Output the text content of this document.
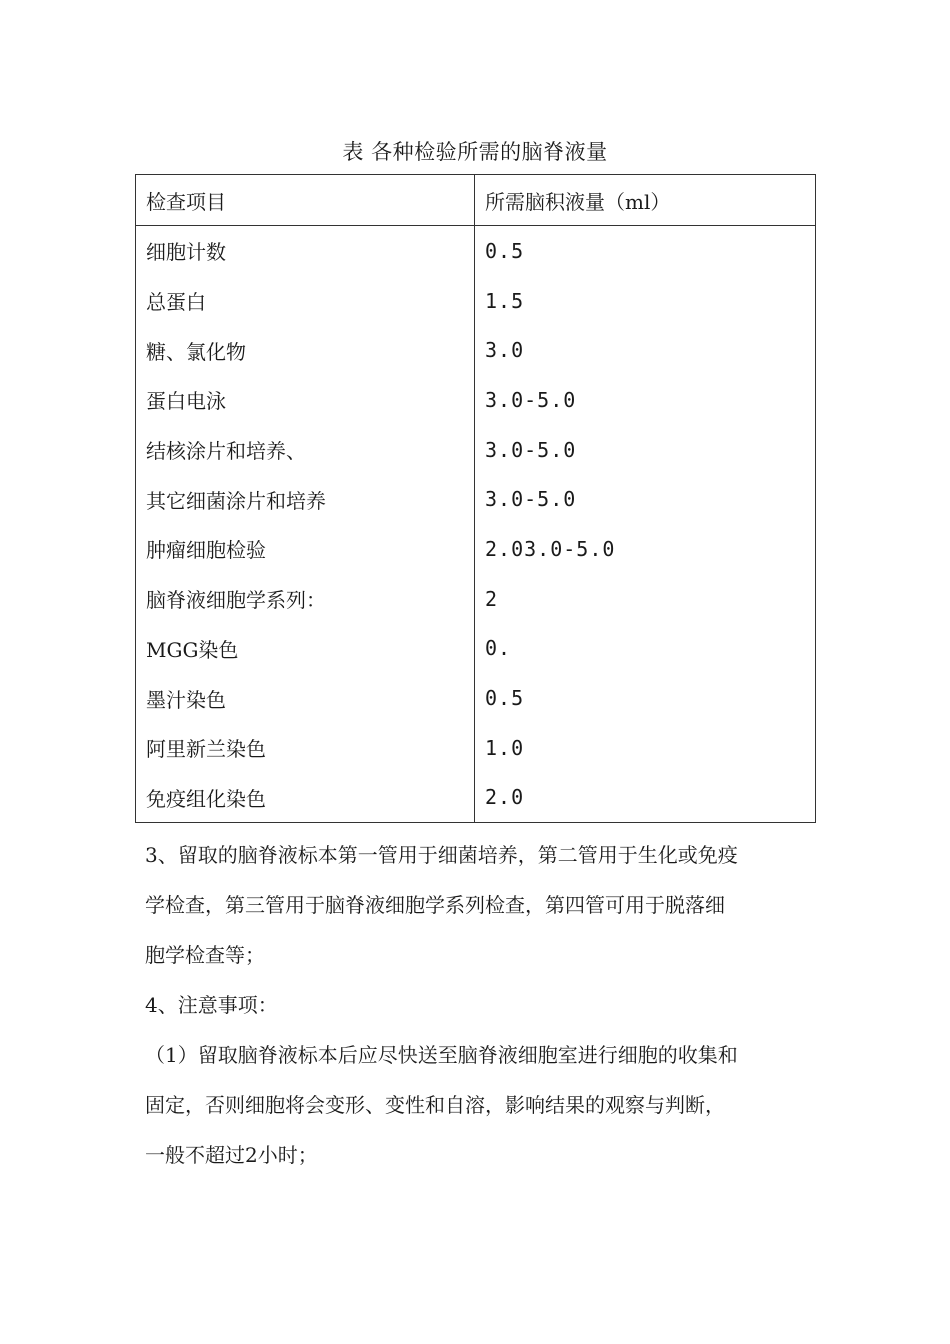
表 各种检验所需的脑脊液量
检查项目	所需脑积液量（ml）
细胞计数	0.5
总蛋白	1.5
糖、氯化物	3.0
蛋白电泳	3.0-5.0
结核涂片和培养、	3.0-5.0
其它细菌涂片和培养	3.0-5.0
肿瘤细胞检验	2.03.0-5.0
脑脊液细胞学系列：	2
MGG染色	0.
墨汁染色	0.5
阿里新兰染色	1.0
免疫组化染色	2.0

3、留取的脑脊液标本第一管用于细菌培养，第二管用于生化或免疫

学检查，第三管用于脑脊液细胞学系列检查，第四管可用于脱落细

胞学检查等；

4、注意事项：

（1）留取脑脊液标本后应尽快送至脑脊液细胞室进行细胞的收集和

固定，否则细胞将会变形、变性和自溶，影响结果的观察与判断，

一般不超过2小时；
